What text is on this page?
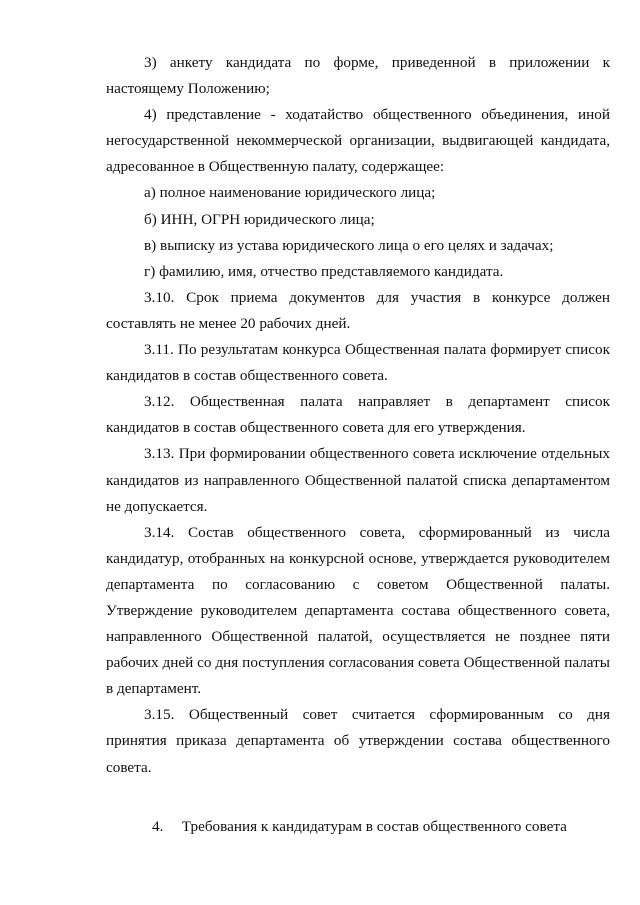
3) анкету кандидата по форме, приведенной в приложении к настоящему Положению;

4) представление - ходатайство общественного объединения, иной негосударственной некоммерческой организации, выдвигающей кандидата, адресованное в Общественную палату, содержащее:

а) полное наименование юридического лица;

б) ИНН, ОГРН юридического лица;

в) выписку из устава юридического лица о его целях и задачах;

г) фамилию, имя, отчество представляемого кандидата.

3.10. Срок приема документов для участия в конкурсе должен составлять не менее 20 рабочих дней.

3.11. По результатам конкурса Общественная палата формирует список кандидатов в состав общественного совета.

3.12. Общественная палата направляет в департамент список кандидатов в состав общественного совета для его утверждения.

3.13. При формировании общественного совета исключение отдельных кандидатов из направленного Общественной палатой списка департаментом не допускается.

3.14. Состав общественного совета, сформированный из числа кандидатур, отобранных на конкурсной основе, утверждается руководителем департамента по согласованию с советом Общественной палаты. Утверждение руководителем департамента состава общественного совета, направленного Общественной палатой, осуществляется не позднее пяти рабочих дней со дня поступления согласования совета Общественной палаты в департамент.

3.15. Общественный совет считается сформированным со дня принятия приказа департамента об утверждении состава общественного совета.

4. Требования к кандидатурам в состав общественного совета
